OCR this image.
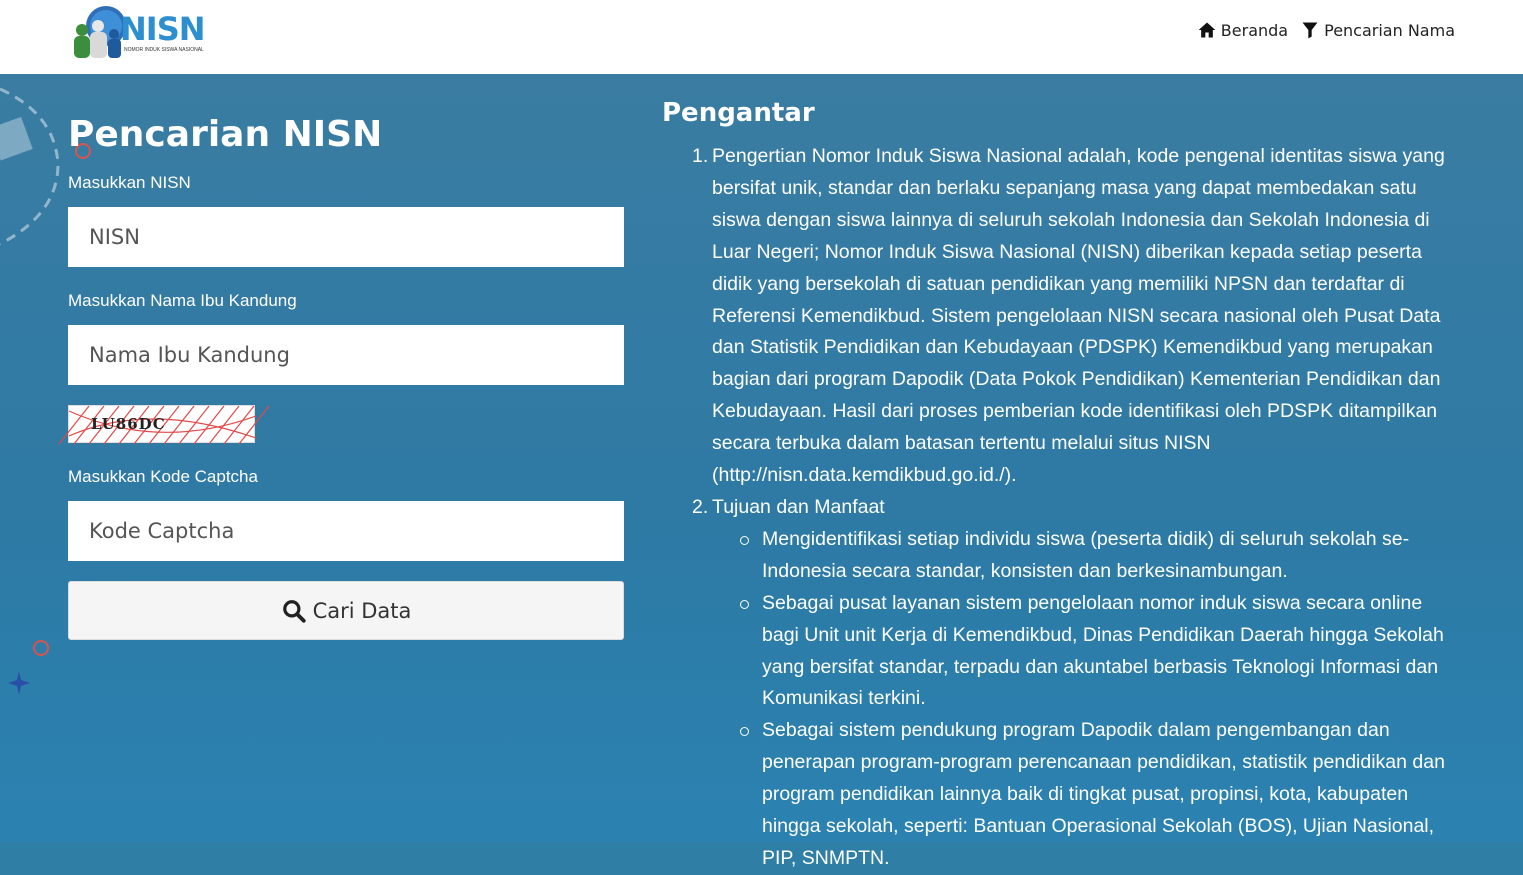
NISN
NOMOR INDUK SISWA NASIONAL
Beranda Pencarian Nama
Pencarian NISN
Masukkan NISN
NISN
Masukkan Nama Ibu Kandung
Nama Ibu Kandung
LU86DC
Masukkan Kode Captcha
Kode Captcha
Cari Data
Pengantar
1. Pengertian Nomor Induk Siswa Nasional adalah, kode pengenal identitas siswa yang bersifat unik, standar dan berlaku sepanjang masa yang dapat membedakan satu siswa dengan siswa lainnya di seluruh sekolah Indonesia dan Sekolah Indonesia di Luar Negeri; Nomor Induk Siswa Nasional (NISN) diberikan kepada setiap peserta didik yang bersekolah di satuan pendidikan yang memiliki NPSN dan terdaftar di Referensi Kemendikbud. Sistem pengelolaan NISN secara nasional oleh Pusat Data dan Statistik Pendidikan dan Kebudayaan (PDSPK) Kemendikbud yang merupakan bagian dari program Dapodik (Data Pokok Pendidikan) Kementerian Pendidikan dan Kebudayaan. Hasil dari proses pemberian kode identifikasi oleh PDSPK ditampilkan secara terbuka dalam batasan tertentu melalui situs NISN (http://nisn.data.kemdikbud.go.id./).
2. Tujuan dan Manfaat
Mengidentifikasi setiap individu siswa (peserta didik) di seluruh sekolah se-Indonesia secara standar, konsisten dan berkesinambungan.
Sebagai pusat layanan sistem pengelolaan nomor induk siswa secara online bagi Unit unit Kerja di Kemendikbud, Dinas Pendidikan Daerah hingga Sekolah yang bersifat standar, terpadu dan akuntabel berbasis Teknologi Informasi dan Komunikasi terkini.
Sebagai sistem pendukung program Dapodik dalam pengembangan dan penerapan program-program perencanaan pendidikan, statistik pendidikan dan program pendidikan lainnya baik di tingkat pusat, propinsi, kota, kabupaten hingga sekolah, seperti: Bantuan Operasional Sekolah (BOS), Ujian Nasional, PIP, SNMPTN.
